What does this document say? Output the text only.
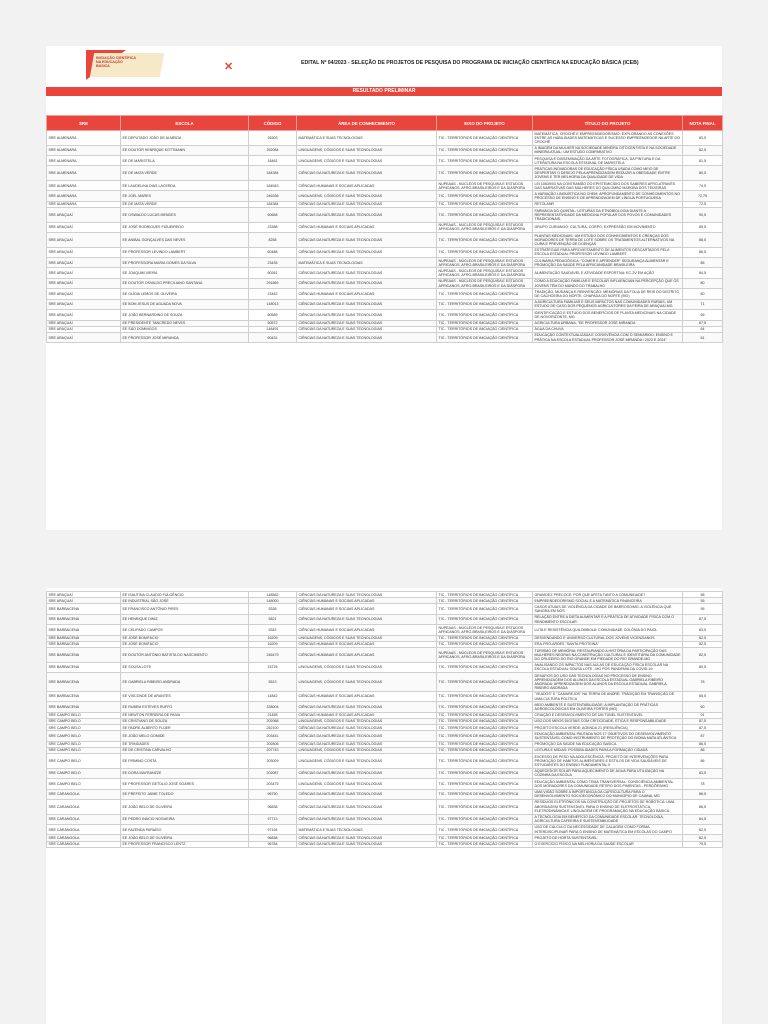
INICIAÇÃO CIENTÍFICA NA EDUCAÇÃO BÁSICA	✕	EDITAL Nº 04/2023 - SELEÇÃO DE PROJETOS DE PESQUISA DO PROGRAMA DE INICIAÇÃO CIENTÍFICA NA EDUCAÇÃO BÁSICA (ICEB)
RESULTADO PRELIMINAR
SRE	ESCOLA	CÓDIGO	ÁREA DE CONHECIMENTO	EIXO DO PROJETO	TÍTULO DO PROJETO	NOTA FINAL
SRE ALMENARA	EE DEPUTADO JOÃO DE ALMEIDA	26303	MATEMÁTICA E SUAS TECNOLOGIAS	TIC - TERRITÓRIOS DE INICIAÇÃO CIENTÍFICA	MATEMÁTICA, CROCHÊ E EMPREENDEDORISMO: EXPLORANDO AS CONEXÕES ENTRE AS HABILIDADES MATEMÁTICAS E SUCESSO EMPREENDEDOR NA ARTE DO CROCHÊ	83,5
SRE ALMENARA	EE DOUTOR HENRIQUE KOTTMANN	252084	LINGUAGENS, CÓDIGOS E SUAS TECNOLOGIAS	TIC - TERRITÓRIOS DE INICIAÇÃO CIENTÍFICA	A IMAGEM DA MULHER NA SOCIEDADE MINEIRA OITOCENTISTA E NA SOCIEDADE MINEIRA ATUAL: UM ESTUDO COMPARATIVO	82,5
SRE ALMENARA	EE DE MARISTELA	18481	LINGUAGENS, CÓDIGOS E SUAS TECNOLOGIAS	TIC - TERRITÓRIOS DE INICIAÇÃO CIENTÍFICA	PESQUISA E DISSEMINAÇÃO DA ARTE FOTOGRÁFICA, DA PINTURA E DA LITERATURA NA ESCOLA ESTADUAL DE MARISTELA	81,5
SRE ALMENARA	EE DE MATA VERDE	184384	CIÊNCIAS DA NATUREZA E SUAS TECNOLOGIAS	TIC - TERRITÓRIOS DE INICIAÇÃO CIENTÍFICA	PRÁTICAS INOVADORAS DE EDUCAÇÃO FÍSICA USADA COMO MEIO DE DESPERTAR O DESEJO PELA APRENDIZAGEM REDUZIR A OBESIDADE ENTRE JOVENS E TER MELHORIA DA QUALIDADE DE VIDA	80,5
SRE ALMENARA	EE LAUDELINA DIAS LACERDA	184543	CIÊNCIAS HUMANAS E SOCIAIS APLICADAS	NUPEAAS - NÚCLEOS DE PESQUISA E ESTUDOS AFRICANOS, AFRO-BRASILEIROS E DA DIÁSPORA	LEI 10639/03 NA CONTRAMÃO DO EPISTEMICÍDIO DOS SABERES AFRO-ATRAVÉS DAS NARRATIVAS DAS MULHERES DO QUILOMBO MAROBA DOS TEIXEIRAS	74,5
SRE ALMENARA	EE JOEL MARES	246336	LINGUAGENS, CÓDIGOS E SUAS TECNOLOGIAS	TIC - TERRITÓRIOS DE INICIAÇÃO CIENTÍFICA	A VARIAÇÃO LINGUÍSTICA NO CHEM: APROFUNDAMENTO DE CONHECIMENTOS NO PROCESSO DE ENSINO E DE APRENDIZAGEM DE LÍNGUA PORTUGUESA	72,75
SRE ALMENARA	EE DE MATA VERDE	184384	CIÊNCIAS DA NATUREZA E SUAS TECNOLOGIAS	TIC - TERRITÓRIOS DE INICIAÇÃO CIENTÍFICA	RETOLANR	72,5
SRE ARAÇUAÍ	EE OSWALDO LUCAS MENDES	60658	CIÊNCIAS DA NATUREZA E SUAS TECNOLOGIAS	TIC - TERRITÓRIOS DE INICIAÇÃO CIENTÍFICA	FARMÁCIA DO QUINTAL: LEITURAS DA ETNOBIOLOGIA DIANTE A REPRESENTATIVIDADE DA MEDICINA POPULAR DOS POVOS E COMUNIDADES TRADICIONAIS.	90,5
SRE ARAÇUAÍ	EE JOSÉ RODRIGUES FIGUEIREDO	23388	CIÊNCIAS HUMANAS E SOCIAIS APLICADAS	NUPEAAS - NÚCLEOS DE PESQUISA E ESTUDOS AFRICANOS, AFRO-BRASILEIROS E DA DIÁSPORA	GRUPO CURIANGO: CULTURA, CORPO, EXPRESSÃO EM MOVIMENTO	89,5
SRE ARAÇUAÍ	EE ANIBAL GONÇALVES DAS NEVES	8258	CIÊNCIAS DA NATUREZA E SUAS TECNOLOGIAS	TIC - TERRITÓRIOS DE INICIAÇÃO CIENTÍFICA	PLANTAS MEDICINAIS: UM ESTUDO DOS CONHECIMENTOS E CRENÇAS DOS MORADORES DE TERRA DE LOTE SOBRE OS TRATAMENTOS ALTERNATIVOS NA CURA E PREVENÇÃO DE DOENÇAS	86,5
SRE ARAÇUAÍ	EE PROFESSOR LEVINDO LAMBERT	60488	CIÊNCIAS DA NATUREZA E SUAS TECNOLOGIAS	TIC - TERRITÓRIOS DE INICIAÇÃO CIENTÍFICA	ESTRATÉGIAS PARA APROVEITAMENTO DE ALIMENTOS DESCARTADOS PELA ESCOLA ESTADUAL PROFESSOR LEVINDO LAMBERT	86,5
SRE ARAÇUAÍ	EE PROFESSORA MARIA GOMES DA SILVA	23435	MATEMÁTICA E SUAS TECNOLOGIAS	NUPEAAS - NÚCLEOS DE PESQUISA E ESTUDOS AFRICANOS, AFRO-BRASILEIROS E DA DIÁSPORA	CULINÁRIA PEDAGÓGICA: "COMER E APRENDER" SEGURANÇA ALIMENTAR E PROMOÇÃO DA SAÚDE PELA AFRICANIDADE BRASILEIRA	85
SRE ARAÇUAÍ	EE JOAQUIM VIEIRA	60261	CIÊNCIAS DA NATUREZA E SUAS TECNOLOGIAS	NUPEAAS - NÚCLEOS DE PESQUISA E ESTUDOS AFRICANOS, AFRO-BRASILEIROS E DA DIÁSPORA	ALIMENTAÇÃO SAUDÁVEL E ATIVIDADE ESPORTIVA: EC-2V EM AÇÃO	84,5
SRE ARAÇUAÍ	EE DOUTOR OSVALDO PRECILIANO SANTANA	291869	CIÊNCIAS DA NATUREZA E SUAS TECNOLOGIAS	NUPEAAS - NÚCLEOS DE PESQUISA E ESTUDOS AFRICANOS, AFRO-BRASILEIROS E DA DIÁSPORA	COMO A EDUCAÇÃO FAMILIAR E ESCOLAR INFLUENCIAM NA PERCEPÇÃO QUE OS JOVENS TÊM DO MUNDO DO TRABALHO	80
SRE ARAÇUAÍ	EE OLÍDIA LEMOS DE OLIVEIRA	23442	CIÊNCIAS HUMANAS E SOCIAIS APLICADAS	TIC - TERRITÓRIOS DE INICIAÇÃO CIENTÍFICA	TRADIÇÃO, MUDANÇA E REINVENÇÃO: MEMÓRIAS DA FOLIA DE REIS DO DISTRITO DE CACHOEIRA DO NORTE, CHAPADA DO NORTE (MG)	80
SRE ARAÇUAÍ	EE BOM JESUS DE AGUADA NOVA	148013	CIÊNCIAS DA NATUREZA E SUAS TECNOLOGIAS	TIC - TERRITÓRIOS DE INICIAÇÃO CIENTÍFICA	A AGRICULTURA FAMILIAR E SEUS IMPACTOS NAS COMUNIDADES RURAIS: UM ESTUDO DE CASO DOS PEQUENOS AGRICULTORES DA FEIRA DE ARAÇUAÍ-MG	71
SRE ARAÇUAÍ	EE JOÃO BERNARDINO DE SOUZA	60589	CIÊNCIAS DA NATUREZA E SUAS TECNOLOGIAS	TIC - TERRITÓRIOS DE INICIAÇÃO CIENTÍFICA	IDENTIFICAÇÃO E ESTUDO DOS BENEFÍCIOS DE PLANTA MEDICINAIS NA CIDADE DE NOVORIZONTE, MG	69
SRE ARAÇUAÍ	EE PRESIDENTE TANCREDO NEVES	60572	CIÊNCIAS DA NATUREZA E SUAS TECNOLOGIAS	TIC - TERRITÓRIOS DE INICIAÇÃO CIENTÍFICA	AGRICULTURA URBANA, "EE PROFESSOR JOSÉ MIRANDA	67,5
SRE ARAÇUAÍ	EE SÃO DOMINGOS	148491	CIÊNCIAS DA NATUREZA E SUAS TECNOLOGIAS	TIC - TERRITÓRIOS DE INICIAÇÃO CIENTÍFICA	ÁGUA DA CHUVA	64
SRE ARAÇUAÍ	EE PROFESSOR JOSÉ MIRANDA	60431	CIÊNCIAS DA NATUREZA E SUAS TECNOLOGIAS	TIC - TERRITÓRIOS DE INICIAÇÃO CIENTÍFICA	EDUCAÇÃO CONTEXTUALIZADA E CONVIVÊNCIA COM O SEMIÁRIDO: ENSINO E PRÁTICA NA ESCOLA ESTADUAL PROFESSOR JOSÉ MIRANDA / 2023 E 2024"	61
SRE ARAÇUAÍ	EE ISAUTINA CLAUDIO FULGÊNCIO	148582	CIÊNCIAS DA NATUREZA E SUAS TECNOLOGIAS	TIC - TERRITÓRIOS DE INICIAÇÃO CIENTÍFICA	GRAVIDEZ PRECOCE: POR QUE AFETA TANTO A COMUNIDADE?	58
SRE ARAÇUAÍ	EE INDUSTRIAL SÃO JOSÉ	148000	CIÊNCIAS HUMANAS E SOCIAIS APLICADAS	TIC - TERRITÓRIOS DE INICIAÇÃO CIENTÍFICA	EMPREENDEDORISMO SOCIAL E A MATEMÁTICA FINANCEIRA	55
SRE BARBACENA	EE FRANCISCO ANTÔNIO PIRES	5338	CIÊNCIAS HUMANAS E SOCIAIS APLICADAS	TIC - TERRITÓRIOS DE INICIAÇÃO CIENTÍFICA	CASOS ATUAIS DE VIOLÊNCIA DA CIDADE DE BARROSO/MG: A VIOLÊNCIA QUE SANGRA EM NÓS	95
SRE BARBACENA	EE HENRIQUE DINIZ	5821	CIÊNCIAS DA NATUREZA E SUAS TECNOLOGIAS	TIC - TERRITÓRIOS DE INICIAÇÃO CIENTÍFICA	RELAÇÃO ENTRE A DIETA ALIMENTAR E A PRÁTICA DE ATIVIDADE FÍSICA COM O RENDIMENTO ESCOLAR	87,5
SRE BARBACENA	EE CELIPADO CAMPOS	5342	CIÊNCIAS HUMANAS E SOCIAIS APLICADAS	NUPEAAS - NÚCLEOS DE PESQUISA E ESTUDOS AFRICANOS, AFRO-BRASILEIROS E DA DIÁSPORA	LUTA E RESISTÊNCIA QUILOMBOLA: COMUNIDADE COLÔNIA DO PAIOL	83,5
SRE BARBACENA	EE JOSÉ BONIFÁCIO	16209	LINGUAGENS, CÓDIGOS E SUAS TECNOLOGIAS	TIC - TERRITÓRIOS DE INICIAÇÃO CIENTÍFICA	DESVENDANDO E UNIVERSO CULTURAL DOS JOVENS VICENZIANOS	82,5
SRE BARBACENA	EE JOSÉ BONIFÁCIO	16209	CIÊNCIAS HUMANAS E SOCIAIS APLICADAS	TIC - TERRITÓRIOS DE INICIAÇÃO CIENTÍFICA	ERA-PRÓ-ARDES "SANTA PROTEINA"	82,5
SRE BARBACENA	EE DOUTOR ANTÔNIO BATISTA DO NASCIMENTO	246479	CIÊNCIAS HUMANAS E SOCIAIS APLICADAS	NUPEAAS - NÚCLEOS DE PESQUISA E ESTUDOS AFRICANOS, AFRO-BRASILEIROS E DA DIÁSPORA	TURISMO DE MEMÓRIA: RESTAURANDO A HISTÓRIA DA PARTICIPAÇÃO DAS MULHERES NEGRAS NA CONSTRUÇÃO CULTURAL E IDENTITÁRIA DA COMUNIDADE DO CRUZEIRO DO RIO GRANDE EM PIEDADE DO RIO GRANDE-MG	82,5
SRE BARBACENA	EE SOUSA LOTE	15725	LINGUAGENS, CÓDIGOS E SUAS TECNOLOGIAS	TIC - TERRITÓRIOS DE INICIAÇÃO CIENTÍFICA	ANALISANDO OS IMPACTOS NAS AULAS DE EDUCAÇÃO FÍSICA ESCOLAR NA ESCOLA ESTADUAL SOUSA LOTE - MG PÓS PANDEMIA DA COVID-19	80,5
SRE BARBACENA	EE GABRIELA RIBEIRO ANDRADA	5513	LINGUAGENS, CÓDIGOS E SUAS TECNOLOGIAS	TIC - TERRITÓRIOS DE INICIAÇÃO CIENTÍFICA	DESAFIOS DO USO DAS TECNOLOGIAS NO PROCESSO DE ENSINO APRENDIZAGEM DOS ALUNOS DA ESCOLA ESTADUAL GABRIELA RIBEIRO ANDRADA: APRENDIZAGEM DOS ALUNOS DA ESCOLA ESTADUAL GABRIELA RIBEIRO ANDRADA	78
SRE BARBACENA	EE VISCONDE DE ARANTES	14842	CIÊNCIAS HUMANAS E SOCIAIS APLICADAS	TIC - TERRITÓRIOS DE INICIAÇÃO CIENTÍFICA	"VEADOS" E "CAMAREJOS" NA TERRA DE ANDRÉ: TRADIÇÃO EM TRANSIÇÃO DE UMA CULTURA POLÍTICA	65,5
SRE BARBACENA	EE RUBEM ESTEVES RUFFO	338004	CIÊNCIAS DA NATUREZA E SUAS TECNOLOGIAS	TIC - TERRITÓRIOS DE INICIAÇÃO CIENTÍFICA	MEIO AMBIENTE E SUSTENTABILIDADE: A IMPLANTAÇÃO DE PRÁTICAS AGROECOLÓGICAS EM OLIVEIRA FORTES (MG)	60
SRE CAMPO BELO	EE NEWTON FERREIRA DE PAIVA	21458	CIÊNCIAS HUMANAS E SOCIAIS APLICADAS	TIC - TERRITÓRIOS DE INICIAÇÃO CIENTÍFICA	CRIAÇÃO E DESENVOLVIMENTO DE UM TÚNEL SUSTENTÁVEL	91
SRE CAMPO BELO	EE CRISTIANO DE SOUZA	202068	LINGUAGENS, CÓDIGOS E SUAS TECNOLOGIAS	TIC - TERRITÓRIOS DE INICIAÇÃO CIENTÍFICA	USO DOS MEIOS DIGITAIS COM CRITICIDADE, ÉTICA E RESPONSABILIDADE	87,5
SRE CAMPO BELO	EE PADRE ALBERTO FIJJER	252100	CIÊNCIAS DA NATUREZA E SUAS TECNOLOGIAS	TIC - TERRITÓRIOS DE INICIAÇÃO CIENTÍFICA	PROJETO ESCOLA VERDE: AGENDA 21 (RESILIÊNCIA)	87,5
SRE CAMPO BELO	EE JOÃO MELO GOMIDE	203441	CIÊNCIAS DA NATUREZA E SUAS TECNOLOGIAS	TIC - TERRITÓRIOS DE INICIAÇÃO CIENTÍFICA	EDUCAÇÃO AMBIENTAL PAUTADA NOS 17 OBJETIVOS DO DESENVOLVIMENTO SUSTENTÁVEL COMO INSTRUMENTO DE PROTEÇÃO DO BIOMA MATA ATLÂNTICA	87
SRE CAMPO BELO	EE TRINDADES	202806	CIÊNCIAS DA NATUREZA E SUAS TECNOLOGIAS	TIC - TERRITÓRIOS DE INICIAÇÃO CIENTÍFICA	PROMOÇÃO DA SAÚDE NA EDUCAÇÃO BÁSICA	86,5
SRE CAMPO BELO	EE DE CRISTINA CARVALHO	207743	LINGUAGENS, CÓDIGOS E SUAS TECNOLOGIAS	TIC - TERRITÓRIOS DE INICIAÇÃO CIENTÍFICA	LEITURA E MÍDIAS: POSSIBILIDADES PARA A FORMAÇÃO CIDADÃ	86
SRE CAMPO BELO	EE FIRMINO COSTA	203009	LINGUAGENS, CÓDIGOS E SUAS TECNOLOGIAS	TIC - TERRITÓRIOS DE INICIAÇÃO CIENTÍFICA	EXCESSO DE PESO NA ADOLESCÊNCIA: PROJETO DE INTERVENÇÕES PARA PROMOÇÃO DE HÁBITOS ALIMENTARES E ESTILOS DE VIDA SAUDÁVEIS DE ESTUDANTES DO ENSINO FUNDAMENTAL II	86
SRE CAMPO BELO	EE DORA MAYRANZZE	202087	CIÊNCIAS DA NATUREZA E SUAS TECNOLOGIAS	TIC - TERRITÓRIOS DE INICIAÇÃO CIENTÍFICA	AQUECEDOR SOLAR PARA AQUECIMENTO DE ÁGUA PARA UTILIZAÇÃO NA COZINHA DA ESCOLA	83,5
SRE CAMPO BELO	EE PROFESSOR GETÚLIO JOSÉ SOARES	203475	LINGUAGENS, CÓDIGOS E SUAS TECNOLOGIAS	TIC - TERRITÓRIOS DE INICIAÇÃO CIENTÍFICA	EDUCAÇÃO AMBIENTAL COMO TEMA TRANSVERSAL: CONSCIÊNCIA AMBIENTAL DOS MORADORES DA COMUNIDADE RETIRO DOS PIMENTAS - PERDÕES/MG	78
SRE CARANGOLA	EE PREFEITO JAIME TOLEDO	96750	CIÊNCIAS DA NATUREZA E SUAS TECNOLOGIAS	TIC - TERRITÓRIOS DE INICIAÇÃO CIENTÍFICA	UMA VISÃO SOBRE A IMPORTÂNCIA DA CAFEICULTURA PARA O DESENVOLVIMENTO SOCIOECONÔMICO DO MUNICÍPIO DE CAIANA, MG	86,5
SRE CARANGOLA	EE JOÃO BELO DE OLIVEIRA	96838	CIÊNCIAS DA NATUREZA E SUAS TECNOLOGIAS	TIC - TERRITÓRIOS DE INICIAÇÃO CIENTÍFICA	RESÍDUOS ELETRÔNICOS NA CONSTRUÇÃO DE PROJETOS DE ROBÓTICA: UMA ABORDAGEM SUSTENTÁVEL PARA O ENSINO DE ELETROSTÁTICA, ELETRODINÂMICA E LINGUAGEM DE PROGRAMAÇÃO NA EDUCAÇÃO BÁSICA	86,5
SRE CARANGOLA	EE PEDRO INÁCIO NOGUEIRA	97713	CIÊNCIAS DA NATUREZA E SUAS TECNOLOGIAS	TIC - TERRITÓRIOS DE INICIAÇÃO CIENTÍFICA	A TECNOLOGIA EM BENEFÍCIO DA COMUNIDADE ESCOLAR: TECNOLOGIA, AGRICULTURA CAFEEIRA E SUSTENTABILIDADE	84,5
SRE CARANGOLA	EE FAZENDA PARAÍSO	97194	MATEMÁTICA E SUAS TECNOLOGIAS	TIC - TERRITÓRIOS DE INICIAÇÃO CIENTÍFICA	USO DE CÁLCULO DA NECESSIDADE DE CALAGEM COMO FORMA INTERDISCIPLINAR PARA O ENSINO DE MATEMÁTICA EM ESCOLAS DO CAMPO	82,5
SRE CARANGOLA	EE JOÃO BELO DE OLIVEIRA	96838	CIÊNCIAS DA NATUREZA E SUAS TECNOLOGIAS	TIC - TERRITÓRIOS DE INICIAÇÃO CIENTÍFICA	PROJETO DE HORTA SUSTENTÁVEL	82,5
SRE CARANGOLA	EE PROFESSOR FRANCISCO LENTZ	96784	CIÊNCIAS DA NATUREZA E SUAS TECNOLOGIAS	TIC - TERRITÓRIOS DE INICIAÇÃO CIENTÍFICA	O EXERCÍCIO FÍSICO NA MELHORIA DA SAÚDE ESCOLAR	79,5
